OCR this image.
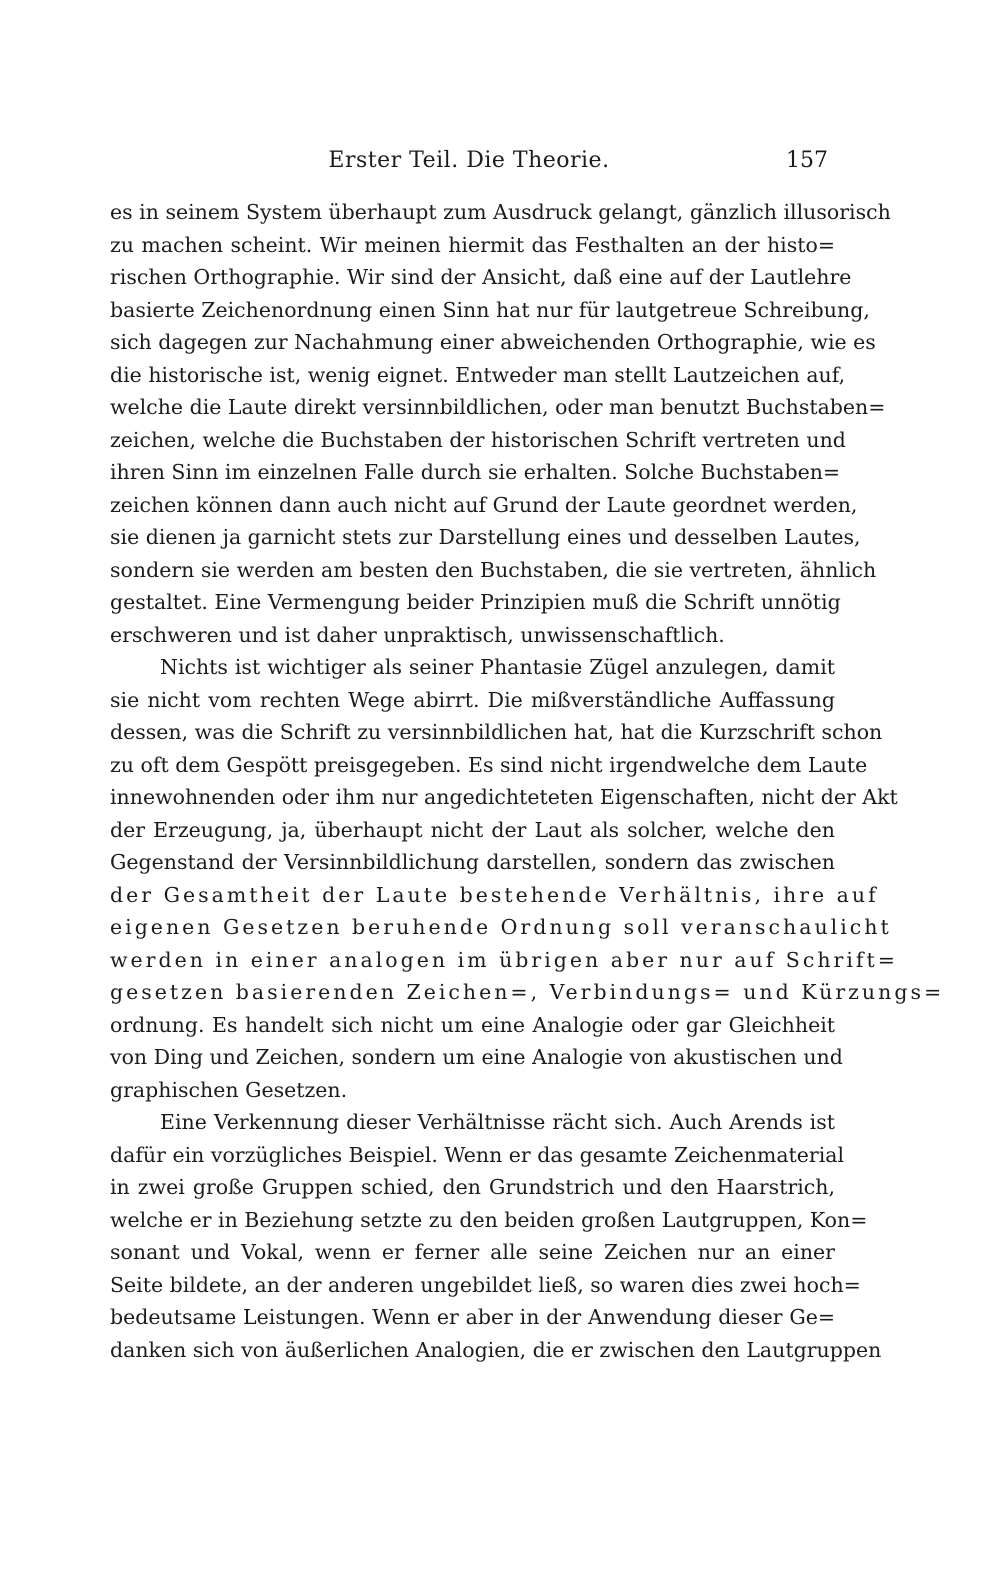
Erster Teil. Die Theorie.	157

es in seinem System überhaupt zum Ausdruck gelangt, gänzlich illusorisch
zu machen scheint. Wir meinen hiermit das Festhalten an der histo=
rischen Orthographie. Wir sind der Ansicht, daß eine auf der Lautlehre
basierte Zeichenordnung einen Sinn hat nur für lautgetreue Schreibung,
sich dagegen zur Nachahmung einer abweichenden Orthographie, wie es
die historische ist, wenig eignet. Entweder man stellt Lautzeichen auf,
welche die Laute direkt versinnbildlichen, oder man benutzt Buchstaben=
zeichen, welche die Buchstaben der historischen Schrift vertreten und
ihren Sinn im einzelnen Falle durch sie erhalten. Solche Buchstaben=
zeichen können dann auch nicht auf Grund der Laute geordnet werden,
sie dienen ja garnicht stets zur Darstellung eines und desselben Lautes,
sondern sie werden am besten den Buchstaben, die sie vertreten, ähnlich
gestaltet. Eine Vermengung beider Prinzipien muß die Schrift unnötig
erschweren und ist daher unpraktisch, unwissenschaftlich.

Nichts ist wichtiger als seiner Phantasie Zügel anzulegen, damit
sie nicht vom rechten Wege abirrt. Die mißverständliche Auffassung
dessen, was die Schrift zu versinnbildlichen hat, hat die Kurzschrift schon
zu oft dem Gespött preisgegeben. Es sind nicht irgendwelche dem Laute
innewohnenden oder ihm nur angedichteteten Eigenschaften, nicht der Akt
der Erzeugung, ja, überhaupt nicht der Laut als solcher, welche den
Gegenstand der Versinnbildlichung darstellen, sondern das zwischen
der Gesamtheit der Laute bestehende Verhältnis, ihre auf
eigenen Gesetzen beruhende Ordnung soll veranschaulicht
werden in einer analogen im übrigen aber nur auf Schrift=
gesetzen basierenden Zeichen=, Verbindungs= und Kürzungs=
ordnung. Es handelt sich nicht um eine Analogie oder gar Gleichheit
von Ding und Zeichen, sondern um eine Analogie von akustischen und
graphischen Gesetzen.

Eine Verkennung dieser Verhältnisse rächt sich. Auch Arends ist
dafür ein vorzügliches Beispiel. Wenn er das gesamte Zeichenmaterial
in zwei große Gruppen schied, den Grundstrich und den Haarstrich,
welche er in Beziehung setzte zu den beiden großen Lautgruppen, Kon=
sonant und Vokal, wenn er ferner alle seine Zeichen nur an einer
Seite bildete, an der anderen ungebildet ließ, so waren dies zwei hoch=
bedeutsame Leistungen. Wenn er aber in der Anwendung dieser Ge=
danken sich von äußerlichen Analogien, die er zwischen den Lautgruppen
